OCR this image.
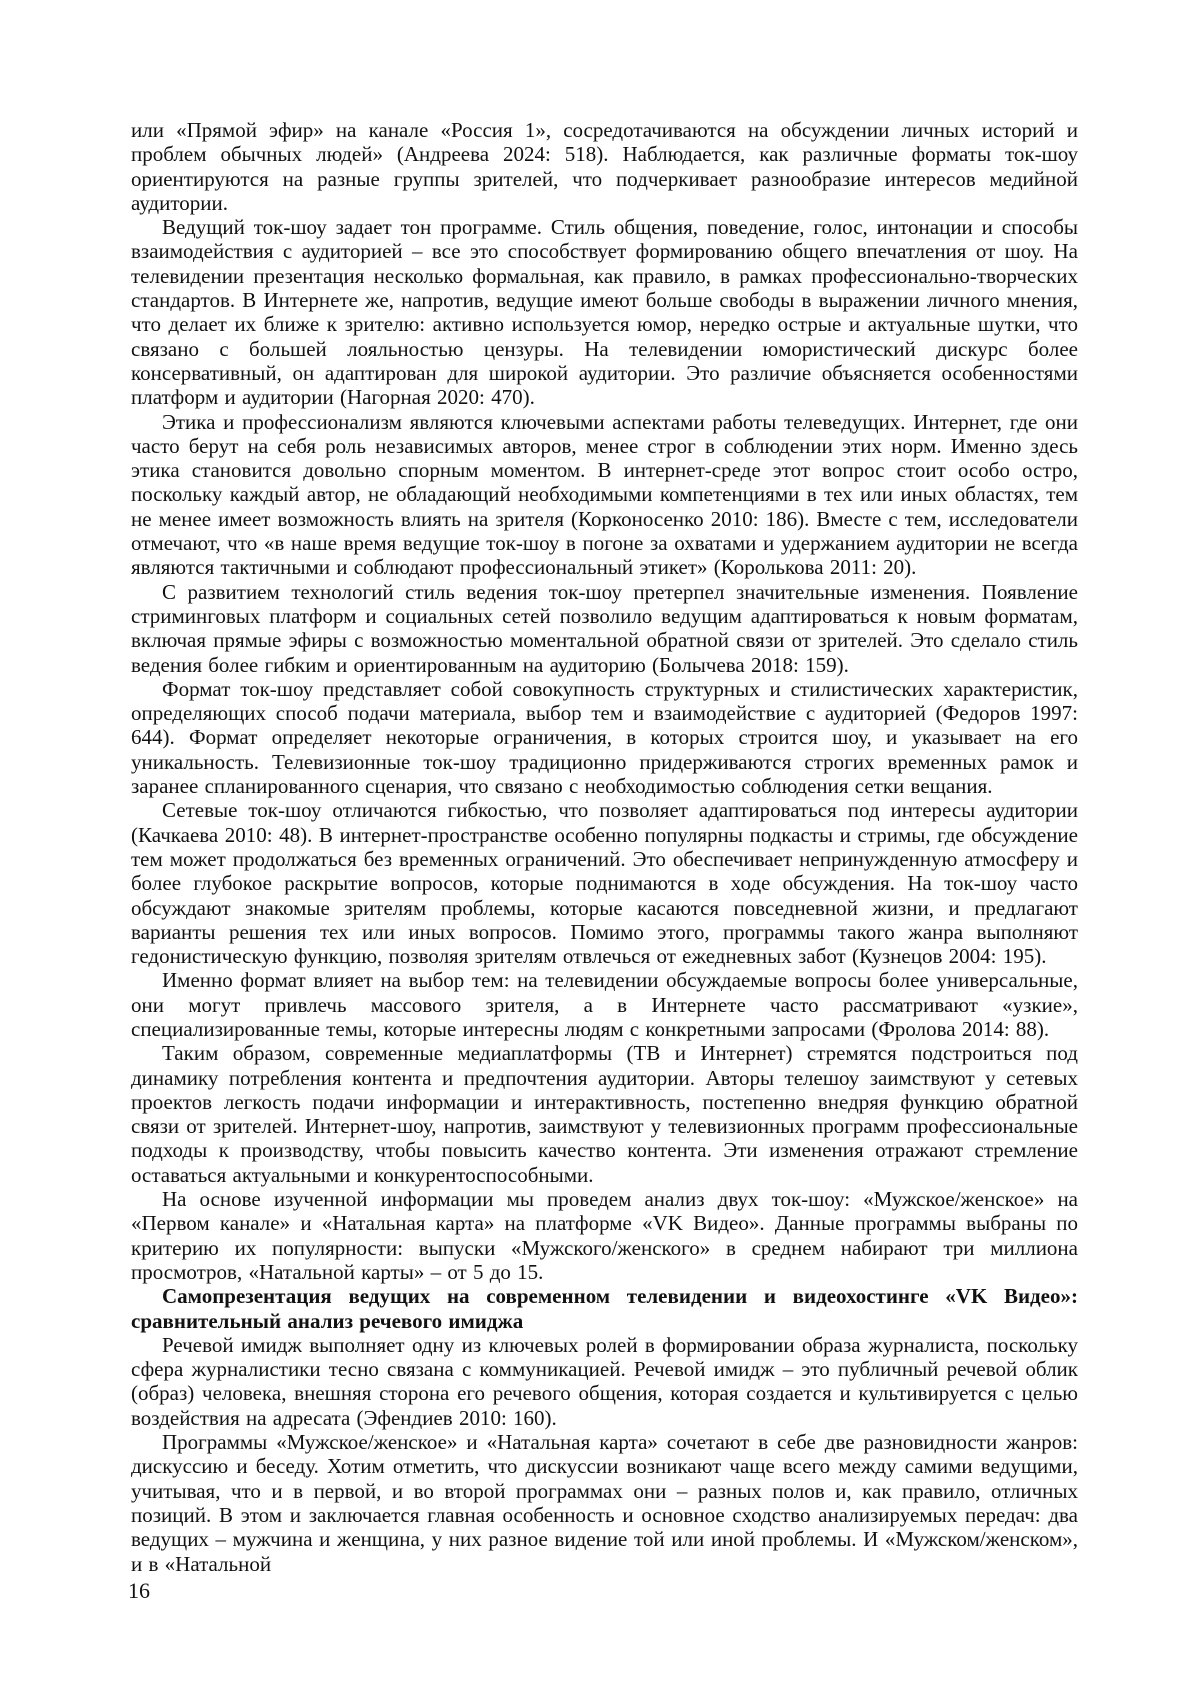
или «Прямой эфир» на канале «Россия 1», сосредотачиваются на обсуждении личных историй и проблем обычных людей» (Андреева 2024: 518). Наблюдается, как различные форматы ток-шоу ориентируются на разные группы зрителей, что подчеркивает разнообразие интересов медийной аудитории.

Ведущий ток-шоу задает тон программе. Стиль общения, поведение, голос, интонации и способы взаимодействия с аудиторией – все это способствует формированию общего впечатления от шоу. На телевидении презентация несколько формальная, как правило, в рамках профессионально-творческих стандартов. В Интернете же, напротив, ведущие имеют больше свободы в выражении личного мнения, что делает их ближе к зрителю: активно используется юмор, нередко острые и актуальные шутки, что связано с большей лояльностью цензуры. На телевидении юмористический дискурс более консервативный, он адаптирован для широкой аудитории. Это различие объясняется особенностями платформ и аудитории (Нагорная 2020: 470).

Этика и профессионализм являются ключевыми аспектами работы телеведущих. Интернет, где они часто берут на себя роль независимых авторов, менее строг в соблюдении этих норм. Именно здесь этика становится довольно спорным моментом. В интернет-среде этот вопрос стоит особо остро, поскольку каждый автор, не обладающий необходимыми компетенциями в тех или иных областях, тем не менее имеет возможность влиять на зрителя (Корконосенко 2010: 186). Вместе с тем, исследователи отмечают, что «в наше время ведущие ток-шоу в погоне за охватами и удержанием аудитории не всегда являются тактичными и соблюдают профессиональный этикет» (Королькова 2011: 20).

С развитием технологий стиль ведения ток-шоу претерпел значительные изменения. Появление стриминговых платформ и социальных сетей позволило ведущим адаптироваться к новым форматам, включая прямые эфиры с возможностью моментальной обратной связи от зрителей. Это сделало стиль ведения более гибким и ориентированным на аудиторию (Болычева 2018: 159).

Формат ток-шоу представляет собой совокупность структурных и стилистических характеристик, определяющих способ подачи материала, выбор тем и взаимодействие с аудиторией (Федоров 1997: 644). Формат определяет некоторые ограничения, в которых строится шоу, и указывает на его уникальность. Телевизионные ток-шоу традиционно придерживаются строгих временных рамок и заранее спланированного сценария, что связано с необходимостью соблюдения сетки вещания.

Сетевые ток-шоу отличаются гибкостью, что позволяет адаптироваться под интересы аудитории (Качкаева 2010: 48). В интернет-пространстве особенно популярны подкасты и стримы, где обсуждение тем может продолжаться без временных ограничений. Это обеспечивает непринужденную атмосферу и более глубокое раскрытие вопросов, которые поднимаются в ходе обсуждения. На ток-шоу часто обсуждают знакомые зрителям проблемы, которые касаются повседневной жизни, и предлагают варианты решения тех или иных вопросов. Помимо этого, программы такого жанра выполняют гедонистическую функцию, позволяя зрителям отвлечься от ежедневных забот (Кузнецов 2004: 195).

Именно формат влияет на выбор тем: на телевидении обсуждаемые вопросы более универсальные, они могут привлечь массового зрителя, а в Интернете часто рассматривают «узкие», специализированные темы, которые интересны людям с конкретными запросами (Фролова 2014: 88).

Таким образом, современные медиаплатформы (ТВ и Интернет) стремятся подстроиться под динамику потребления контента и предпочтения аудитории. Авторы телешоу заимствуют у сетевых проектов легкость подачи информации и интерактивность, постепенно внедряя функцию обратной связи от зрителей. Интернет-шоу, напротив, заимствуют у телевизионных программ профессиональные подходы к производству, чтобы повысить качество контента. Эти изменения отражают стремление оставаться актуальными и конкурентоспособными.

На основе изученной информации мы проведем анализ двух ток-шоу: «Мужское/женское» на «Первом канале» и «Натальная карта» на платформе «VK Видео». Данные программы выбраны по критерию их популярности: выпуски «Мужского/женского» в среднем набирают три миллиона просмотров, «Натальной карты» – от 5 до 15.

Самопрезентация ведущих на современном телевидении и видеохостинге «VK Видео»: сравнительный анализ речевого имиджа

Речевой имидж выполняет одну из ключевых ролей в формировании образа журналиста, поскольку сфера журналистики тесно связана с коммуникацией. Речевой имидж – это публичный речевой облик (образ) человека, внешняя сторона его речевого общения, которая создается и культивируется с целью воздействия на адресата (Эфендиев 2010: 160).

Программы «Мужское/женское» и «Натальная карта» сочетают в себе две разновидности жанров: дискуссию и беседу. Хотим отметить, что дискуссии возникают чаще всего между самими ведущими, учитывая, что и в первой, и во второй программах они – разных полов и, как правило, отличных позиций. В этом и заключается главная особенность и основное сходство анализируемых передач: два ведущих – мужчина и женщина, у них разное видение той или иной проблемы. И «Мужском/женском», и в «Натальной

16
